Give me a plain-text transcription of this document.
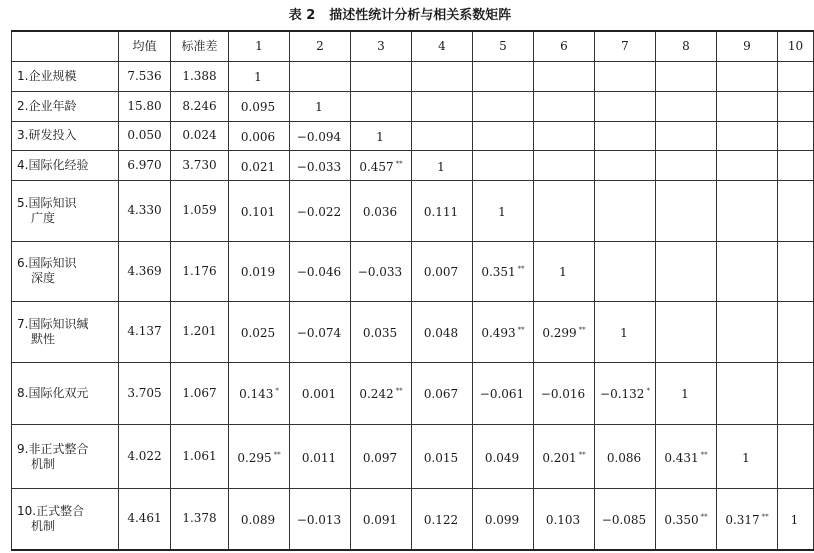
表 2 描述性统计分析与相关系数矩阵
	均值	标准差	1	2	3	4	5	6	7	8	9	10

1.企业规模	7.536	1.388	1									

2.企业年龄	15.80	8.246	0.095	1								

3.研发投入	0.050	0.024	0.006	−0.094	1							

4.国际化经验	6.970	3.730	0.021	−0.033	0.457 **	1						

5.国际知识
广度	4.330	1.059	0.101	−0.022	0.036	0.111	1					

6.国际知识
深度	4.369	1.176	0.019	−0.046	−0.033	0.007	0.351 **	1				

7.国际知识缄
默性	4.137	1.201	0.025	−0.074	0.035	0.048	0.493 **	0.299 **	1			

8.国际化双元	3.705	1.067	0.143 *	0.001	0.242 **	0.067	−0.061	−0.016	−0.132 *	1		

9.非正式整合
机制	4.022	1.061	0.295 **	0.011	0.097	0.015	0.049	0.201 **	0.086	0.431 **	1	

10.正式整合
机制	4.461	1.378	0.089	−0.013	0.091	0.122	0.099	0.103	−0.085	0.350 **	0.317 **	1
